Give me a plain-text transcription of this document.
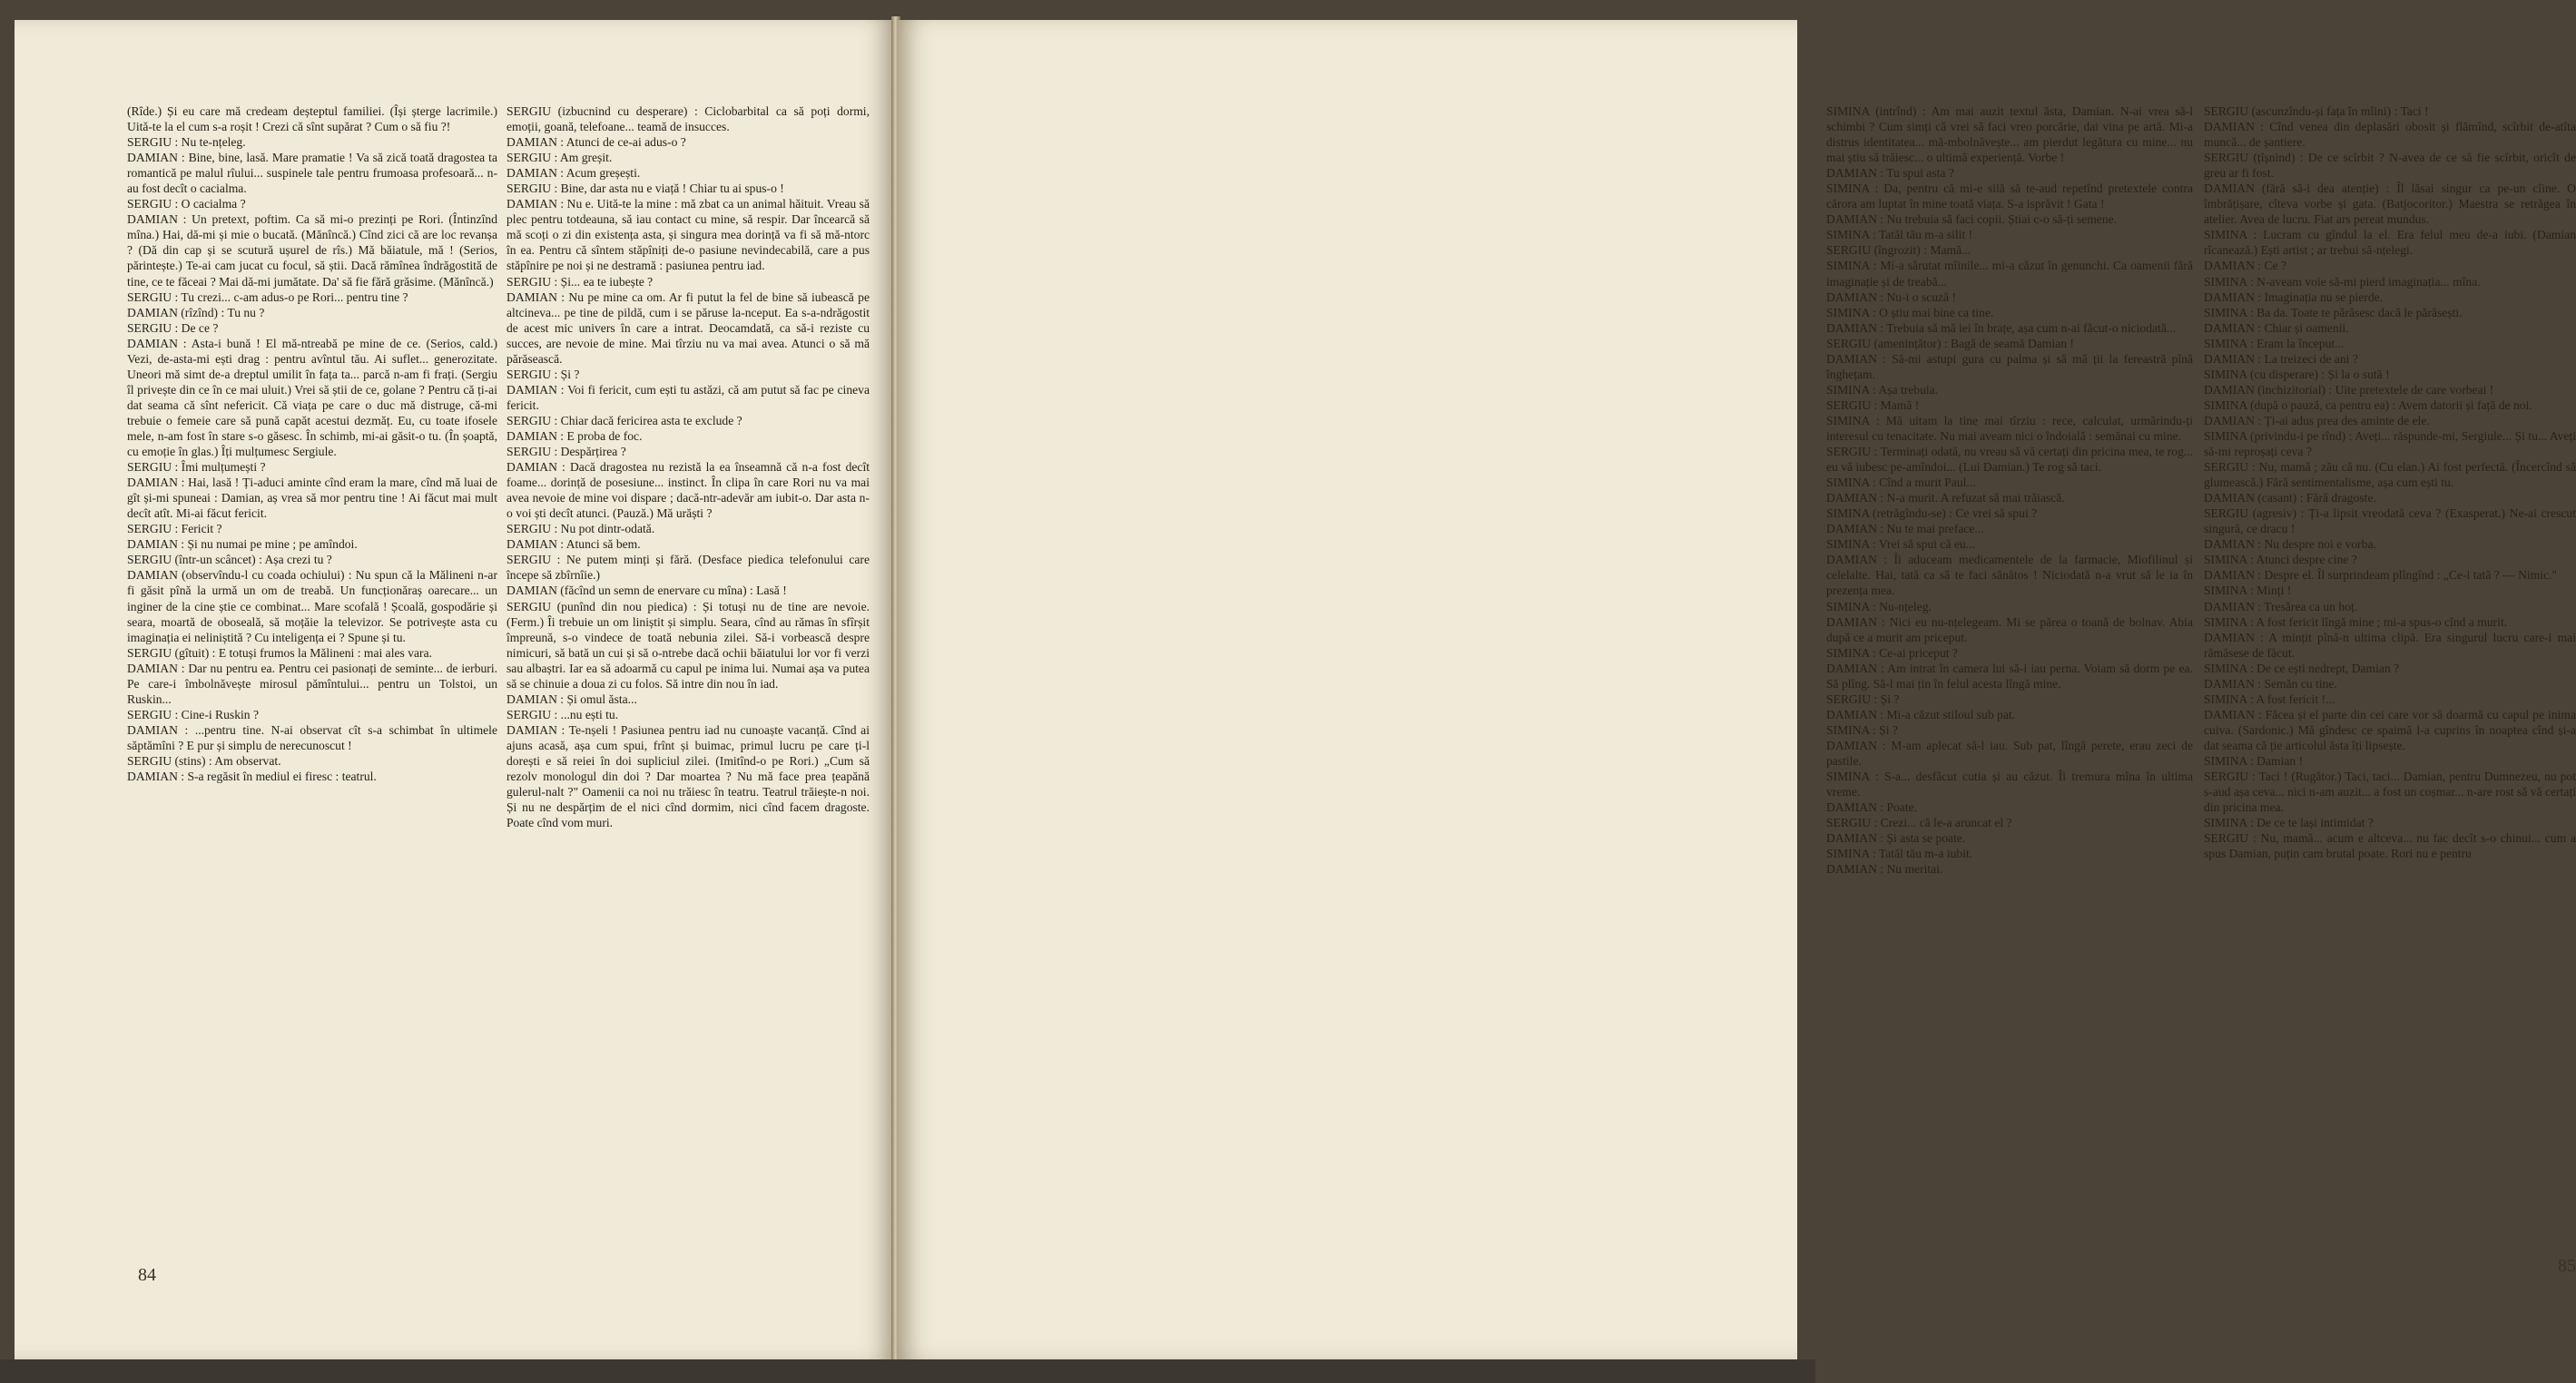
(Rîde.) Și eu care mă credeam deșteptul familiei. (Își șterge lacrimile.) Uită-te la el cum s-a roșit ! Crezi că sînt supărat ? Cum o să fiu ?!

SERGIU : Nu te-nțeleg.

DAMIAN : Bine, bine, lasă. Mare pramatie ! Va să zică toată dragostea ta romantică pe malul rîului... suspinele tale pentru frumoasa profesoară... n-au fost decît o cacialma.

SERGIU : O cacialma ?

DAMIAN : Un pretext, poftim. Ca să mi-o prezinți pe Rori. (Întinzînd mîna.) Hai, dă-mi și mie o bucată. (Mănîncă.) Cînd zici că are loc revanșa ? (Dă din cap și se scutură ușurel de rîs.) Mă băiatule, mă ! (Serios, părintește.) Te-ai cam jucat cu focul, să știi. Dacă rămînea îndrăgostită de tine, ce te făceai ? Mai dă-mi jumătate. Da' să fie fără grăsime. (Mănîncă.)

SERGIU : Tu crezi... c-am adus-o pe Rori... pentru tine ?

DAMIAN (rîzînd) : Tu nu ?

SERGIU : De ce ?

DAMIAN : Asta-i bună ! El mă-ntreabă pe mine de ce. (Serios, cald.) Vezi, de-asta-mi ești drag : pentru avîntul tău. Ai suflet... generozitate. Uneori mă simt de-a dreptul umilit în fața ta... parcă n-am fi frați. (Sergiu îl privește din ce în ce mai uluit.) Vrei să știi de ce, golane ? Pentru că ți-ai dat seama că sînt nefericit. Că viața pe care o duc mă distruge, că-mi trebuie o femeie care să pună capăt acestui dezmăț. Eu, cu toate ifosele mele, n-am fost în stare s-o găsesc. În schimb, mi-ai găsit-o tu. (În șoaptă, cu emoție în glas.) Îți mulțumesc Sergiule.

SERGIU : Îmi mulțumești ?

DAMIAN : Hai, lasă ! Ți-aduci aminte cînd eram la mare, cînd mă luai de gît și-mi spuneai : Damian, aș vrea să mor pentru tine ! Ai făcut mai mult decît atît. Mi-ai făcut fericit.

SERGIU : Fericit ?

DAMIAN : Și nu numai pe mine ; pe amîndoi.

SERGIU (într-un scâncet) : Așa crezi tu ?

DAMIAN (observîndu-l cu coada ochiului) : Nu spun că la Mălineni n-ar fi găsit pînă la urmă un om de treabă. Un funcționăraș oarecare... un inginer de la cine știe ce combinat... Mare scofală ! Școală, gospodărie și seara, moartă de oboseală, să moțăie la televizor. Se potrivește asta cu imaginația ei neliniștită ? Cu inteligența ei ? Spune și tu.

SERGIU (gîtuit) : E totuși frumos la Mălineni : mai ales vara.

DAMIAN : Dar nu pentru ea. Pentru cei pasionați de seminte... de ierburi. Pe care-i îmbolnăvește mirosul pămîntului... pentru un Tolstoi, un Ruskin...

SERGIU : Cine-i Ruskin ?

DAMIAN : ...pentru tine. N-ai observat cît s-a schimbat în ultimele săptămîni ? E pur și simplu de nerecunoscut !

SERGIU (stins) : Am observat.

DAMIAN : S-a regăsit în mediul ei firesc : teatrul.

SERGIU (izbucnind cu desperare) : Ciclobarbital ca să poți dormi, emoții, goană, telefoane... teamă de insucces.

DAMIAN : Atunci de ce-ai adus-o ?

SERGIU : Am greșit.

DAMIAN : Acum greșești.

SERGIU : Bine, dar asta nu e viață ! Chiar tu ai spus-o !

DAMIAN : Nu e. Uită-te la mine : mă zbat ca un animal hăituit. Vreau să plec pentru totdeauna, să iau contact cu mine, să respir. Dar încearcă să mă scoți o zi din existența asta, și singura mea dorință va fi să mă-ntorc în ea. Pentru că sîntem stăpîniți de-o pasiune nevindecabilă, care a pus stăpînire pe noi și ne destramă : pasiunea pentru iad.

SERGIU : Și... ea te iubește ?

DAMIAN : Nu pe mine ca om. Ar fi putut la fel de bine să iubească pe altcineva... pe tine de pildă, cum i se păruse la-nceput. Ea s-a-ndrăgostit de acest mic univers în care a intrat. Deocamdată, ca să-i reziste cu succes, are nevoie de mine. Mai tîrziu nu va mai avea. Atunci o să mă părăsească.

SERGIU : Și ?

DAMIAN : Voi fi fericit, cum ești tu astăzi, că am putut să fac pe cineva fericit.

SERGIU : Chiar dacă fericirea asta te exclude ?

DAMIAN : E proba de foc.

SERGIU : Despărțirea ?

DAMIAN : Dacă dragostea nu rezistă la ea înseamnă că n-a fost decît foame... dorință de posesiune... instinct. În clipa în care Rori nu va mai avea nevoie de mine voi dispare ; dacă-ntr-adevăr am iubit-o. Dar asta n-o voi ști decît atunci. (Pauză.) Mă urăști ?

SERGIU : Nu pot dintr-odată.

DAMIAN : Atunci să bem.

SERGIU : Ne putem minți și fără. (Desface piedica telefonului care începe să zbîrnîie.)

DAMIAN (făcînd un semn de enervare cu mîna) : Lasă !

SERGIU (punînd din nou piedica) : Și totuși nu de tine are nevoie. (Ferm.) Îi trebuie un om liniștit și simplu. Seara, cînd au rămas în sfîrșit împreună, s-o vindece de toată nebunia zilei. Să-i vorbească despre nimicuri, să bată un cui și să o-ntrebe dacă ochii băiatului lor vor fi verzi sau albaștri. Iar ea să adoarmă cu capul pe inima lui. Numai așa va putea să se chinuie a doua zi cu folos. Să intre din nou în iad.

DAMIAN : Și omul ăsta...

SERGIU : ...nu ești tu.

DAMIAN : Te-nșeli ! Pasiunea pentru iad nu cunoaște vacanță. Cînd ai ajuns acasă, așa cum spui, frînt și buimac, primul lucru pe care ți-l dorești e să reiei în doi supliciul zilei. (Imitînd-o pe Rori.) „Cum să rezolv monologul din doi ? Dar moartea ? Nu mă face prea țeapănă gulerul-nalt ?" Oamenii ca noi nu trăiesc în teatru. Teatrul trăiește-n noi. Și nu ne despărțim de el nici cînd dormim, nici cînd facem dragoste. Poate cînd vom muri.

84

SIMINA (intrînd) : Am mai auzit textul ăsta, Damian. N-ai vrea să-l schimbi ? Cum simți că vrei să faci vreo porcărie, dai vina pe artă. Mi-a distrus identitatea... mă-mbolnăvește... am pierdut legătura cu mine... nu mai știu să trăiesc... o ultimă experiență. Vorbe !

DAMIAN : Tu spui asta ?

SIMINA : Da, pentru că mi-e silă să te-aud repetînd pretextele contra cărora am luptat în mine toată viața. S-a isprăvit ! Gata !

DAMIAN : Nu trebuia să faci copii. Știai c-o să-ți semene.

SIMINA : Tatăl tău m-a silit !

SERGIU (îngrozit) : Mamă...

SIMINA : Mi-a sărutat mîinile... mi-a căzut în genunchi. Ca oamenii fără imaginație și de treabă...

DAMIAN : Nu-i o scuză !

SIMINA : O știu mai bine ca tine.

DAMIAN : Trebuia să mă iei în brațe, așa cum n-ai făcut-o niciodată...

SERGIU (amenințător) : Bagă de seamă Damian !

DAMIAN : Să-mi astupi gura cu palma și să mă ții la fereastră pînă înghețam.

SIMINA : Așa trebuia.

SERGIU : Mamă !

SIMINA : Mă uitam la tine mai tîrziu : rece, calculat, urmărindu-ți interesul cu tenacitate. Nu mai aveam nici o îndoială : semănai cu mine.

SERGIU : Terminați odată, nu vreau să vă certați din pricina mea, te rog... eu vă iubesc pe-amîndoi... (Lui Damian.) Te rog să taci.

SIMINA : Cînd a murit Paul...

DAMIAN : N-a murit. A refuzat să mai trăiască.

SIMINA (retrăgîndu-se) : Ce vrei să spui ?

DAMIAN : Nu te mai preface...

SIMINA : Vrei să spui că eu...

DAMIAN : Îi aduceam medicamentele de la farmacie, Miofilinul și celelalte. Hai, tată ca să te faci sănătos ! Niciodată n-a vrut să le ia în prezența mea.

SIMINA : Nu-nțeleg.

DAMIAN : Nici eu nu-nțelegeam. Mi se părea o toană de bolnav. Abia după ce a murit am priceput.

SIMINA : Ce-ai priceput ?

DAMIAN : Am intrat în camera lui să-i iau perna. Voiam să dorm pe ea. Să plîng. Să-l mai țin în felul acesta lîngă mine.

SERGIU : Și ?

DAMIAN : Mi-a căzut stiloul sub pat.

SIMINA : Și ?

DAMIAN : M-am aplecat să-l iau. Sub pat, lîngă perete, erau zeci de pastile.

SIMINA : S-a... desfăcut cutia și au căzut. Îi tremura mîna în ultima vreme.

DAMIAN : Poate.

SERGIU : Crezi... că le-a aruncat el ?

DAMIAN : Și asta se poate.

SIMINA : Tatăl tău m-a iubit.

DAMIAN : Nu meritai.

SERGIU (ascunzîndu-și fața în mîini) : Taci !

DAMIAN : Cînd venea din deplasări obosit și flămînd, scîrbit de-atîta muncă... de șantiere.

SERGIU (țîșnind) : De ce scîrbit ? N-avea de ce să fie scîrbit, oricît de greu ar fi fost.

DAMIAN (fără să-i dea atenție) : Îl lăsai singur ca pe-un cîine. O îmbrățișare, cîteva vorbe și gata. (Batjocoritor.) Maestra se retrăgea în atelier. Avea de lucru. Fiat ars pereat mundus.

SIMINA : Lucram cu gîndul la el. Era felul meu de-a iubi. (Damian rîcanează.) Ești artist ; ar trebui să-nțelegi.

DAMIAN : Ce ?

SIMINA : N-aveam voie să-mi pierd imaginația... mîna.

DAMIAN : Imaginația nu se pierde.

SIMINA : Ba da. Toate te părăsesc dacă le părăsești.

DAMIAN : Chiar și oamenii.

SIMINA : Eram la început...

DAMIAN : La treizeci de ani ?

SIMINA (cu disperare) : Și la o sută !

DAMIAN (inchizitorial) : Uite pretextele de care vorbeai !

SIMINA (după o pauză, ca pentru ea) : Avem datorii și față de noi.

DAMIAN : Ți-ai adus prea des aminte de ele.

SIMINA (privindu-i pe rînd) : Aveți... răspunde-mi, Sergiule... Și tu... Aveți să-mi reproșați ceva ?

SERGIU : Nu, mamă ; zău că nu. (Cu elan.) Ai fost perfectă. (Încercînd să glumească.) Fără sentimentalisme, așa cum ești tu.

DAMIAN (casant) : Fără dragoste.

SERGIU (agresiv) : Ți-a lipsit vreodată ceva ? (Exasperat.) Ne-ai crescut singură, ce dracu !

DAMIAN : Nu despre noi e vorba.

SIMINA : Atunci despre cine ?

DAMIAN : Despre el. Îl surprindeam plîngînd : „Ce-i tată ? — Nimic."

SIMINA : Minți !

DAMIAN : Tresărea ca un hoț.

SIMINA : A fost fericit lîngă mine ; mi-a spus-o cînd a murit.

DAMIAN : A mințit pînă-n ultima clipă. Era singurul lucru care-i mai rămăsese de făcut.

SIMINA : De ce ești nedrept, Damian ?

DAMIAN : Semăn cu tine.

SIMINA : A fost fericit !...

DAMIAN : Făcea și el parte din cei care vor să doarmă cu capul pe inima cuiva. (Sardonic.) Mă gîndesc ce spaimă l-a cuprins în noaptea cînd și-a dat seama că ție articolul ăsta îți lipsește.

SIMINA : Damian !

SERGIU : Taci ! (Rugător.) Taci, taci... Damian, pentru Dumnezeu, nu pot s-aud așa ceva... nici n-am auzit... a fost un coșmar... n-are rost să vă certați din pricina mea.

SIMINA : De ce te lași intimidat ?

SERGIU : Nu, mamă... acum e altceva... nu fac decît s-o chinui... cum a spus Damian, puțin cam brutal poate. Rori nu e pentru

85
